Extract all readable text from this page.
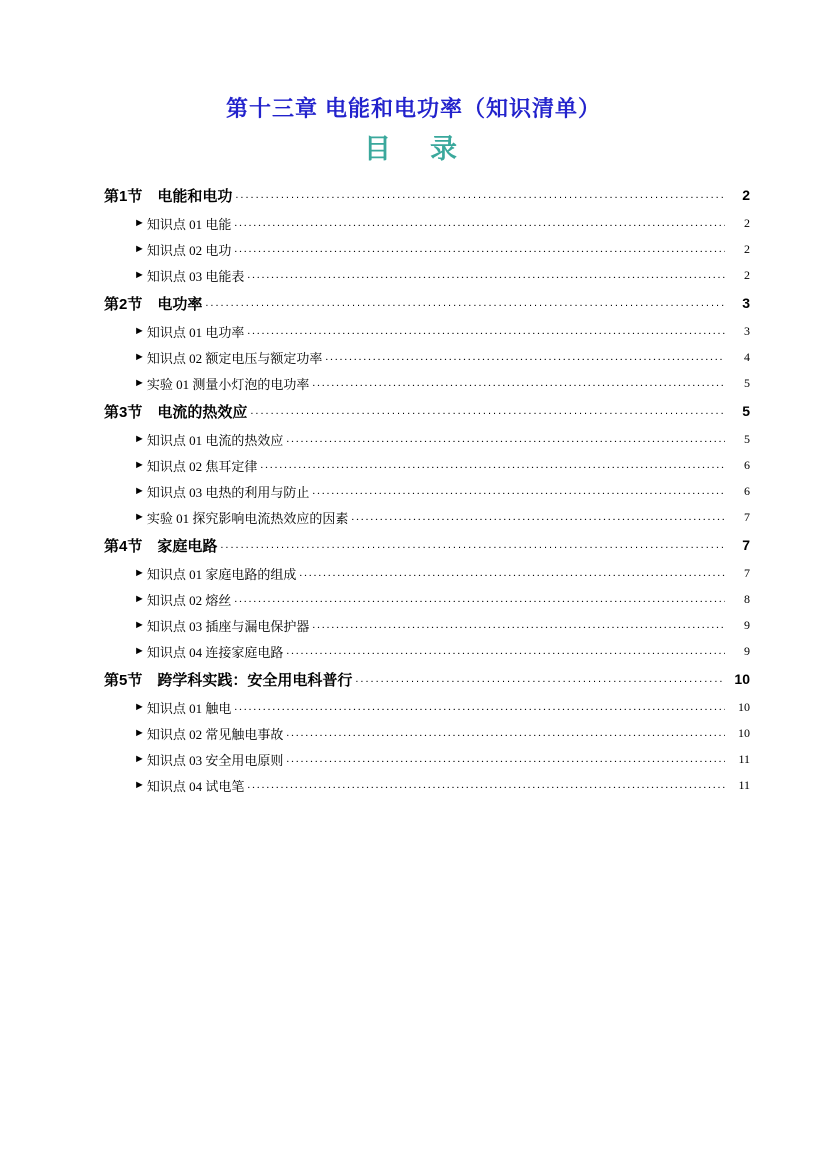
第十三章 电能和电功率（知识清单）
目　录
第1节　电能和电功 .....	2
► 知识点 01 电能 .....	2
► 知识点 02 电功 .....	2
► 知识点 03 电能表 .....	2
第2节　电功率 .....	3
► 知识点 01 电功率 .....	3
► 知识点 02 额定电压与额定功率 .....	4
► 实验 01 测量小灯泡的电功率 .....	5
第3节　电流的热效应 .....	5
► 知识点 01 电流的热效应 .....	5
► 知识点 02 焦耳定律 .....	6
► 知识点 03 电热的利用与防止 .....	6
► 实验 01 探究影响电流热效应的因素 .....	7
第4节　家庭电路 .....	7
► 知识点 01 家庭电路的组成 .....	7
► 知识点 02 熔丝 .....	8
► 知识点 03 插座与漏电保护器 .....	9
► 知识点 04 连接家庭电路 .....	9
第5节　跨学科实践：安全用电科普行 .....	10
► 知识点 01 触电 .....	10
► 知识点 02 常见触电事故 .....	10
► 知识点 03 安全用电原则 .....	11
► 知识点 04 试电笔 .....	11
